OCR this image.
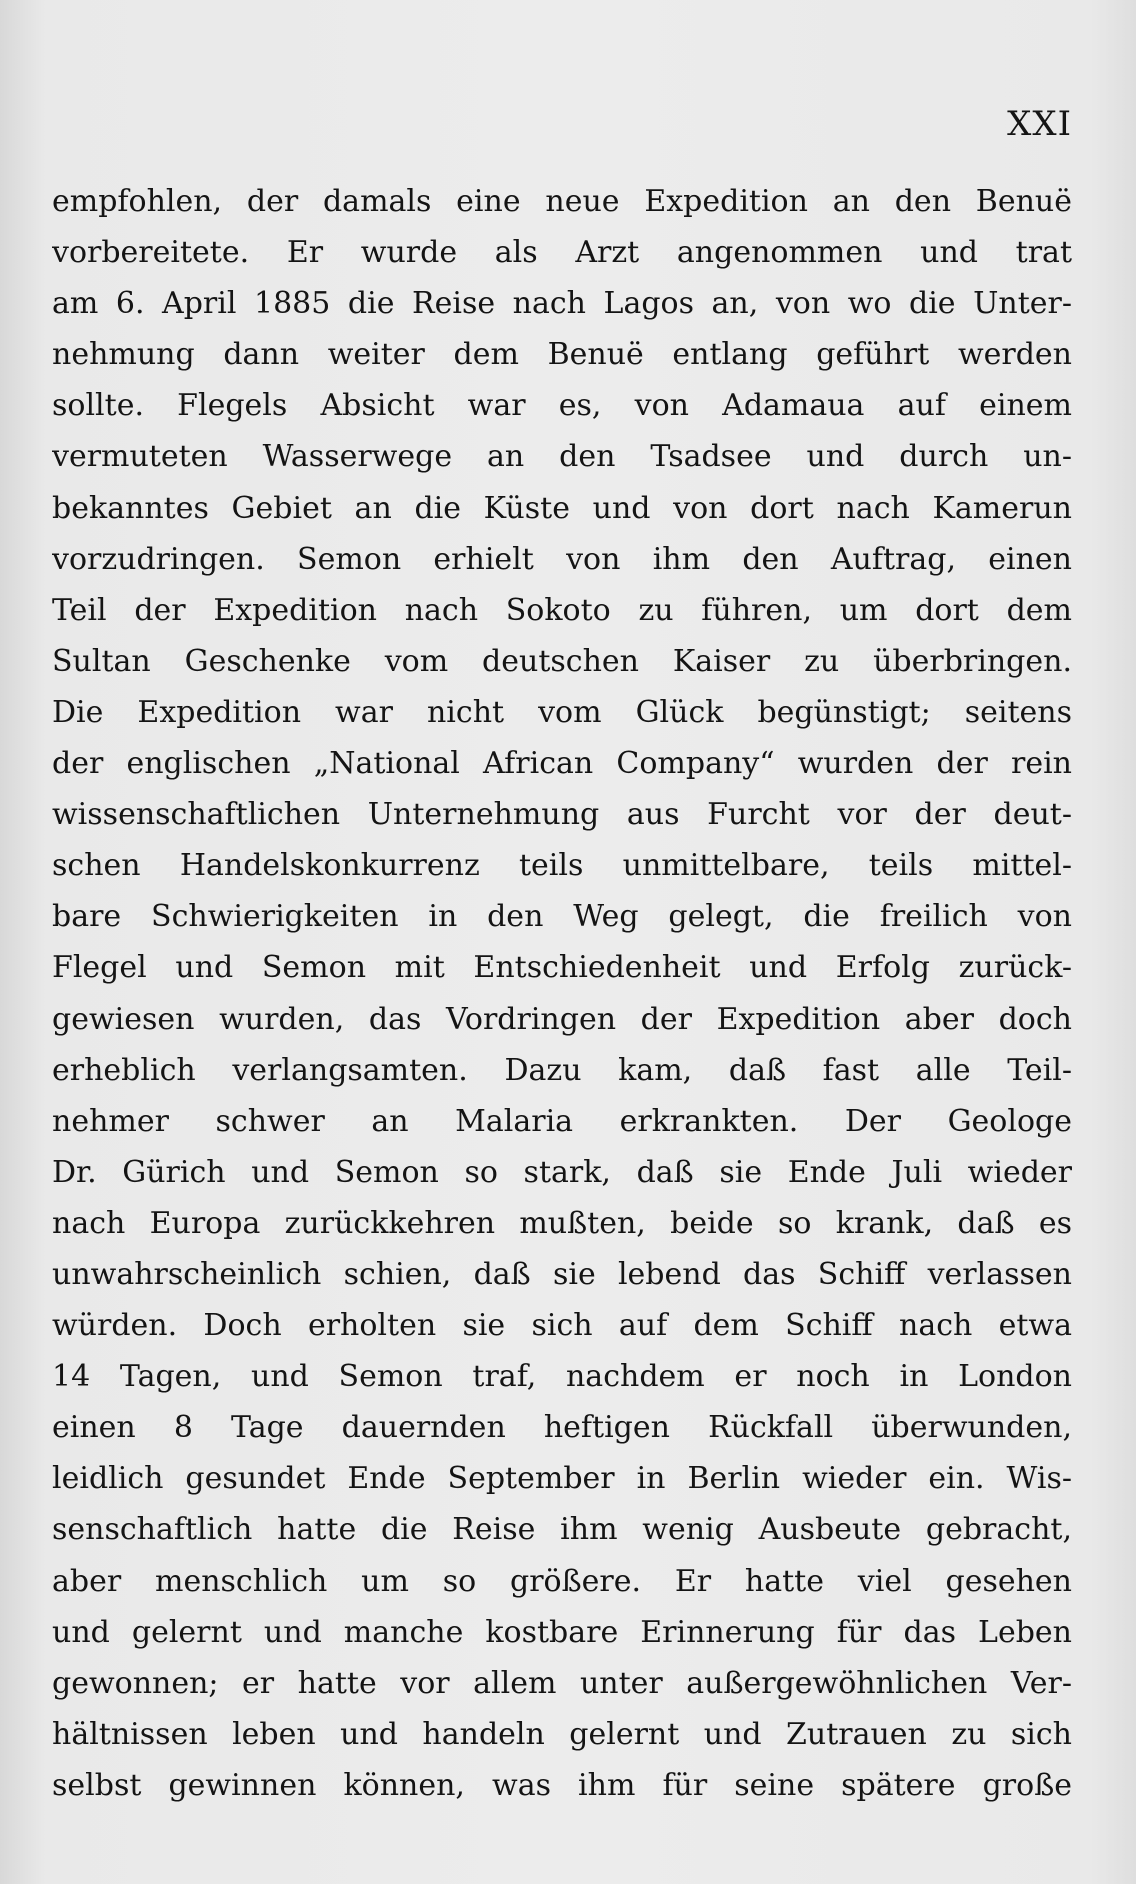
XXI
empfohlen, der damals eine neue Expedition an den Benuë
vorbereitete. Er wurde als Arzt angenommen und trat
am 6. April 1885 die Reise nach Lagos an, von wo die Unter-
nehmung dann weiter dem Benuë entlang geführt werden
sollte. Flegels Absicht war es, von Adamaua auf einem
vermuteten Wasserwege an den Tsadsee und durch un-
bekanntes Gebiet an die Küste und von dort nach Kamerun
vorzudringen. Semon erhielt von ihm den Auftrag, einen
Teil der Expedition nach Sokoto zu führen, um dort dem
Sultan Geschenke vom deutschen Kaiser zu überbringen.
Die Expedition war nicht vom Glück begünstigt; seitens
der englischen „National African Company“ wurden der rein
wissenschaftlichen Unternehmung aus Furcht vor der deut-
schen Handelskonkurrenz teils unmittelbare, teils mittel-
bare Schwierigkeiten in den Weg gelegt, die freilich von
Flegel und Semon mit Entschiedenheit und Erfolg zurück-
gewiesen wurden, das Vordringen der Expedition aber doch
erheblich verlangsamten. Dazu kam, daß fast alle Teil-
nehmer schwer an Malaria erkrankten. Der Geologe
Dr. Gürich und Semon so stark, daß sie Ende Juli wieder
nach Europa zurückkehren mußten, beide so krank, daß es
unwahrscheinlich schien, daß sie lebend das Schiff verlassen
würden. Doch erholten sie sich auf dem Schiff nach etwa
14 Tagen, und Semon traf, nachdem er noch in London
einen 8 Tage dauernden heftigen Rückfall überwunden,
leidlich gesundet Ende September in Berlin wieder ein. Wis-
senschaftlich hatte die Reise ihm wenig Ausbeute gebracht,
aber menschlich um so größere. Er hatte viel gesehen
und gelernt und manche kostbare Erinnerung für das Leben
gewonnen; er hatte vor allem unter außergewöhnlichen Ver-
hältnissen leben und handeln gelernt und Zutrauen zu sich
selbst gewinnen können, was ihm für seine spätere große
